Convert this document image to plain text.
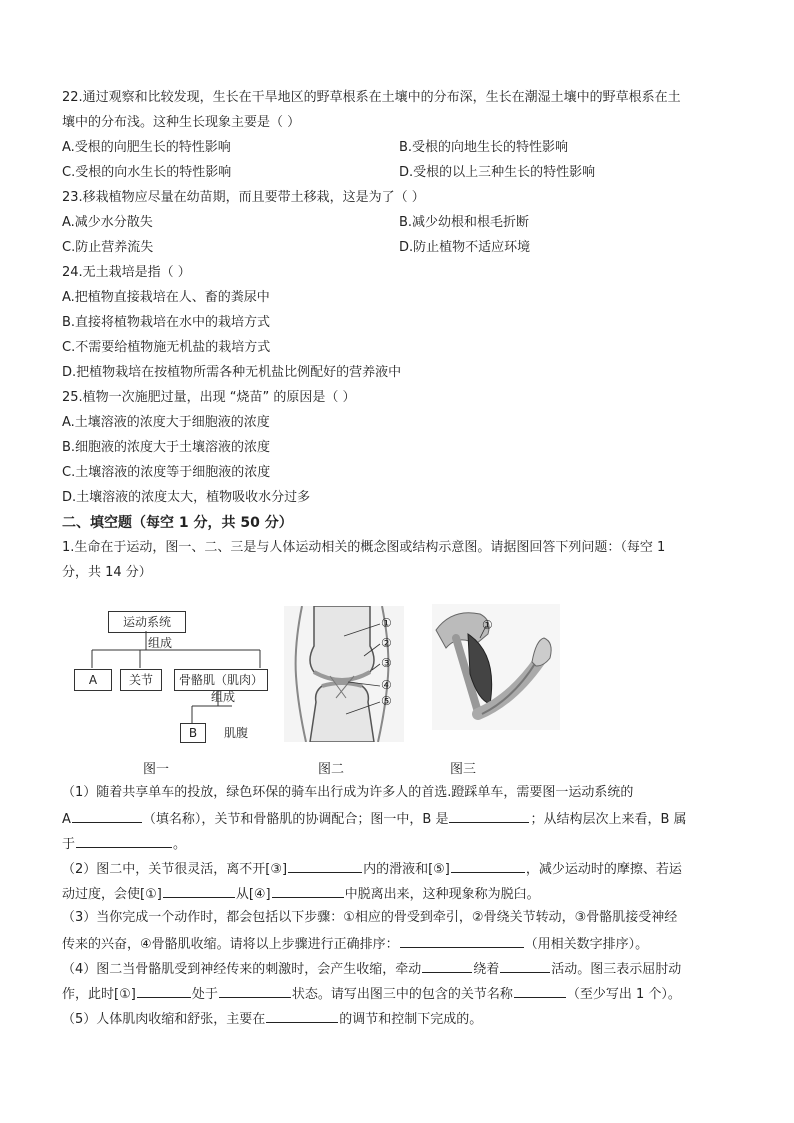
22.通过观察和比较发现，生长在干旱地区的野草根系在土壤中的分布深，生长在潮湿土壤中的野草根系在土
壤中的分布浅。这种生长现象主要是（ ）
A.受根的向肥生长的特性影响	B.受根的向地生长的特性影响
C.受根的向水生长的特性影响	D.受根的以上三种生长的特性影响
23.移栽植物应尽量在幼苗期，而且要带土移栽，这是为了（ ）
A.减少水分散失	B.减少幼根和根毛折断
C.防止营养流失	D.防止植物不适应环境
24.无土栽培是指（ ）
A.把植物直接栽培在人、畜的粪尿中
B.直接将植物栽培在水中的栽培方式
C.不需要给植物施无机盐的栽培方式
D.把植物栽培在按植物所需各种无机盐比例配好的营养液中
25.植物一次施肥过量，出现 “烧苗” 的原因是（ ）
A.土壤溶液的浓度大于细胞液的浓度
B.细胞液的浓度大于土壤溶液的浓度
C.土壤溶液的浓度等于细胞液的浓度
D.土壤溶液的浓度太大，植物吸收水分过多
二、填空题（每空 1 分，共 50 分）
1.生命在于运动，图一、二、三是与人体运动相关的概念图或结构示意图。请据图回答下列问题：（每空 1
分，共 14 分）
运动系统
组成
A	关节	骨骼肌（肌肉）
组成
B	肌腹
图一
①
②
③
④
⑤
图二
①
图三
（1）随着共享单车的投放，绿色环保的骑车出行成为许多人的首选.蹬踩单车，需要图一运动系统的
A	（填名称），关节和骨骼肌的协调配合；图一中，B 是	；从结构层次上来看，B 属
于	。
（2）图二中，关节很灵活，离不开[③]	内的滑液和[⑤]	，减少运动时的摩擦、若运
动过度，会使[①]	从[④]	中脱离出来，这种现象称为脱臼。
（3）当你完成一个动作时，都会包括以下步骤：①相应的骨受到牵引，②骨绕关节转动，③骨骼肌接受神经
传来的兴奋，④骨骼肌收缩。请将以上步骤进行正确排序：	（用相关数字排序）。
（4）图二当骨骼肌受到神经传来的刺激时，会产生收缩，牵动	绕着	活动。图三表示屈肘动
作，此时[①]	处于	状态。请写出图三中的包含的关节名称	（至少写出 1 个）。
（5）人体肌肉收缩和舒张，主要在	的调节和控制下完成的。
